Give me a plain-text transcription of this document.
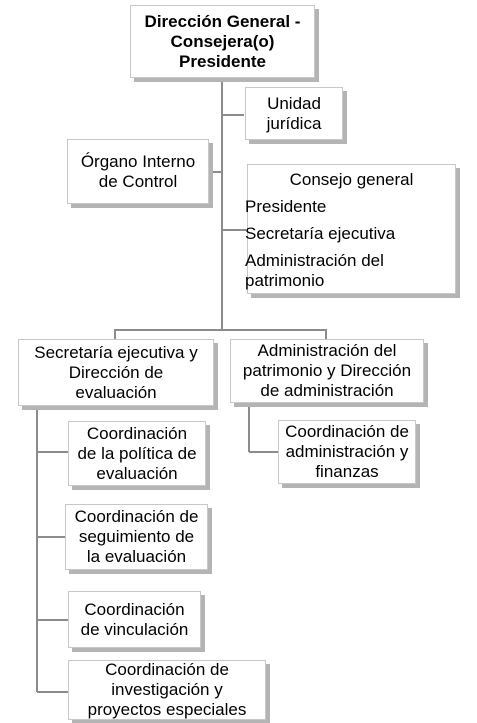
Dirección General -
Consejera(o)
Presidente
Unidad
jurídica
Órgano Interno
de Control	Consejo general
Presidente
Secretaría ejecutiva
Administración del
patrimonio
Secretaría ejecutiva y
Dirección de
evaluación
Administración del
patrimonio y Dirección
de administración
Coordinación
de la política de
evaluación
Coordinación de
seguimiento de
la evaluación
Coordinación
de vinculación
Coordinación de
investigación y
proyectos especiales
Coordinación de
administración y
finanzas
